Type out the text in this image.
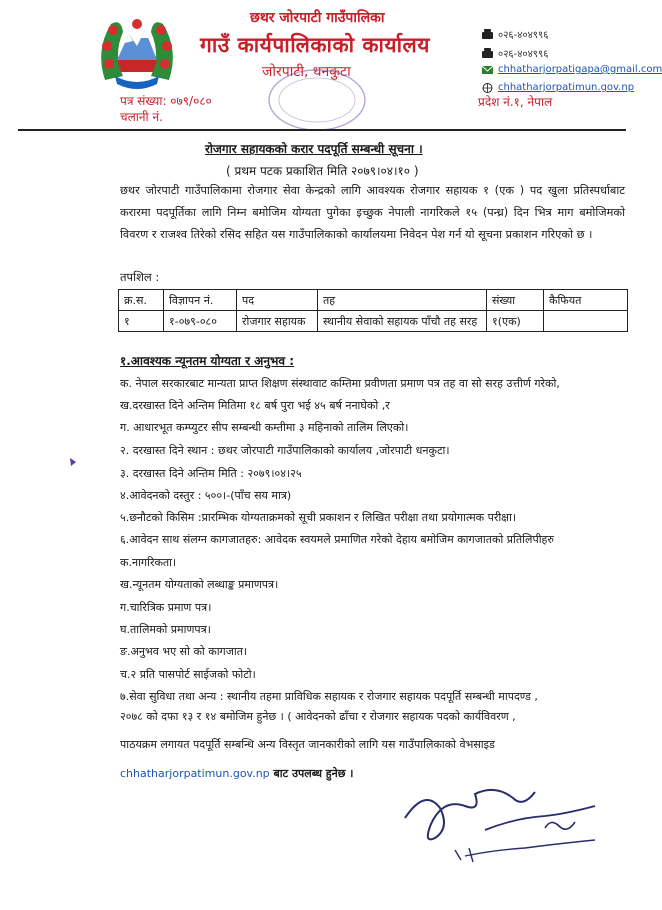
छथर जोरपाटी गाउँपालिका
गाउँ कार्यपालिकाको कार्यालय
जोरपाटी, धनकुटा
प्रदेश नं.१, नेपाल
पत्र संख्या: ०७९/०८०
चलानी नं.
०२६-४०४९९६
०२६-४०४९९६
chhatharjorpatigapa@gmail.com
chhatharjorpatimun.gov.np
रोजगार सहायकको करार पदपूर्ति सम्बन्धी सूचना ।
( प्रथम पटक प्रकाशित मिति २०७९।०४।१० )
छथर जोरपाटी गाउँपालिकामा रोजगार सेवा केन्द्रको लागि आवश्यक रोजगार सहायक १ (एक ) पद खुला प्रतिस्पर्धाबाट करारमा पदपूर्तिका लागि निम्न बमोजिम योग्यता पुगेका इच्छुक नेपाली नागरिकले १५ (पन्ध्र) दिन भित्र माग बमोजिमको विवरण र राजश्व तिरेको रसिद सहित यस गाउँपालिकाको कार्यालयमा निवेदन पेश गर्न यो सूचना प्रकाशन गरिएको छ ।
तपशिल :
क्र.स.	विज्ञापन नं.	पद	तह	संख्या	कैफियत
१	१-०७९-०८०	रोजगार सहायक	स्थानीय सेवाको सहायक पाँचौ तह सरह	१(एक)	
१.आवश्यक न्यूनतम योग्यता र अनुभव :
क. नेपाल सरकारबाट मान्यता प्राप्त शिक्षण संस्थावाट कम्तिमा प्रवीणता प्रमाण पत्र तह वा सो सरह उत्तीर्ण गरेको,
ख.दरखास्त दिने अन्तिम मितिमा १८ बर्ष पुरा भई ४५ बर्ष ननाघेको ,र
ग. आधारभूत कम्प्युटर सीप सम्बन्धी कम्तीमा ३ महिनाको तालिम लिएको।
२. दरखास्त दिने स्थान : छथर जोरपाटी गाउँपालिकाको कार्यालय ,जोरपाटी धनकुटा।
३. दरखास्त दिने अन्तिम मिति : २०७९।०४।२५
४.आवेदनको दस्तुर : ५००।-(पाँच सय मात्र)
५.छनौटको किसिम :प्रारम्भिक योग्यताक्रमको सूची प्रकाशन र लिखित परीक्षा तथा प्रयोगात्मक परीक्षा।
६.आवेदन साथ संलग्न कागजातहरु: आवेदक स्वयमले प्रमाणित गरेको देहाय बमोजिम कागजातको प्रतिलिपीहरु
क.नागरिकता।
ख.न्यूनतम योग्यताको लब्धाङ्क प्रमाणपत्र।
ग.चारित्रिक प्रमाण पत्र।
घ.तालिमको प्रमाणपत्र।
ङ.अनुभव भए सो को कागजात।
च.२ प्रति पासपोर्ट साईजको फोटो।
७.सेवा सुविधा तथा अन्य : स्थानीय तहमा प्राविधिक सहायक र रोजगार सहायक पदपूर्ति सम्बन्धी मापदण्ड ,
२०७८ को दफा १३ र १४ बमोजिम हुनेछ । ( आवेदनको ढाँचा र रोजगार सहायक पदको कार्यविवरण ,
पाठयक्रम लगायत पदपूर्ति सम्बन्धि अन्य विस्तृत जानकारीको लागि यस गाउँपालिकाको वेभसाइड
chhatharjorpatimun.gov.np बाट उपलब्ध हुनेछ ।
